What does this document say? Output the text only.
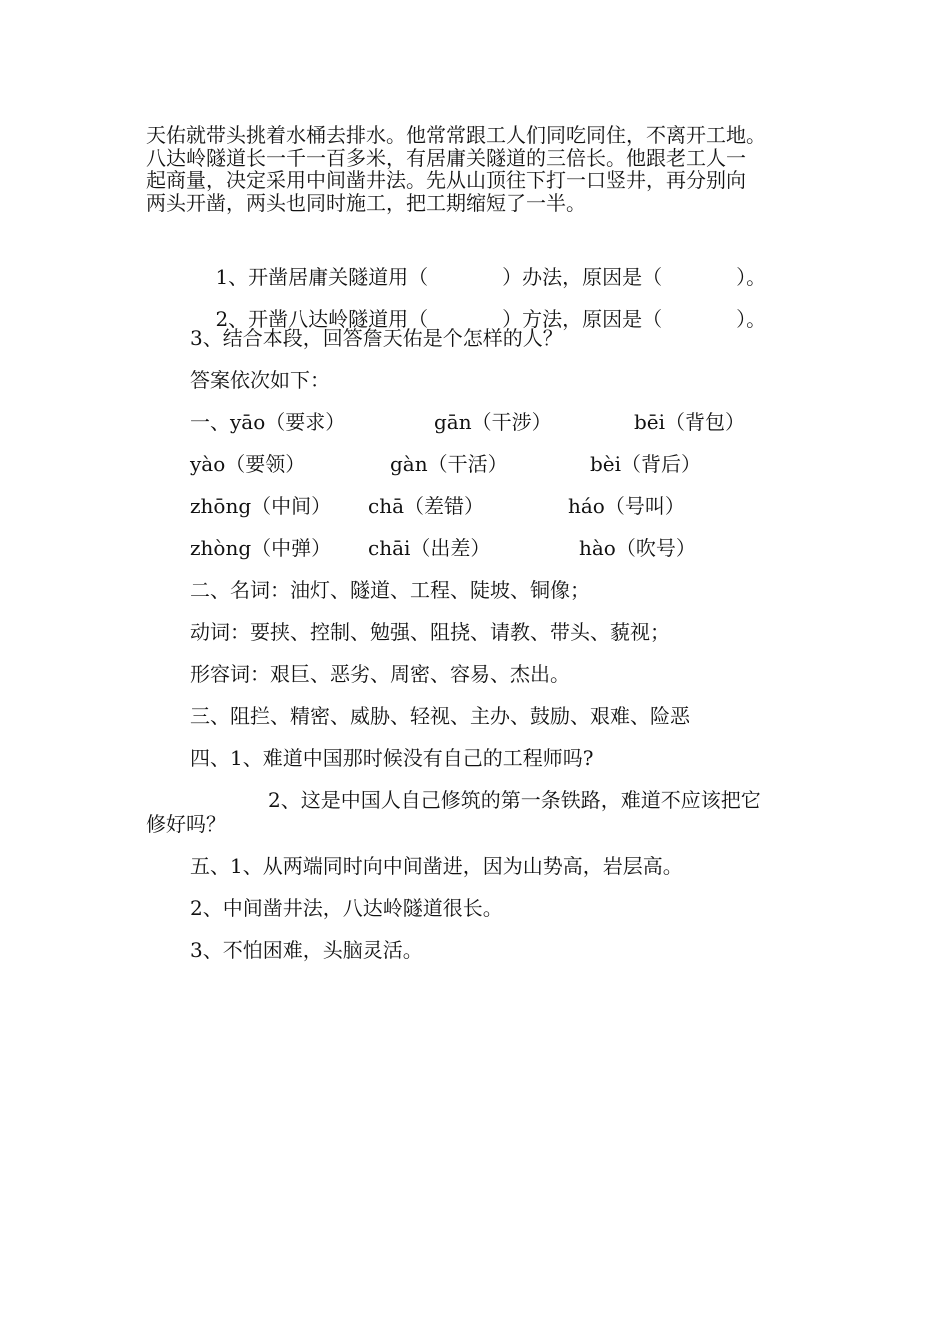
天佑就带头挑着水桶去排水。他常常跟工人们同吃同住，不离开工地。
八达岭隧道长一千一百多米，有居庸关隧道的三倍长。他跟老工人一
起商量，决定采用中间凿井法。先从山顶往下打一口竖井，再分别向
两头开凿，两头也同时施工，把工期缩短了一半。

1、开凿居庸关隧道用（	）办法，原因是（	）。

2、开凿八达岭隧道用（	）方法，原因是（	）。

3、结合本段，回答詹天佑是个怎样的人？
答案依次如下：
一、 yāo（要求）	gān（干涉）	bēi（背包）
yào（要领）	gàn（干活）	bèi（背后）
zhōng（中间） chā（差错）	háo（号叫）
zhòng（中弹） chāi（出差）	hào（吹号）
二、名词：油灯、隧道、工程、陡坡、铜像；
动词：要挟、控制、勉强、阻挠、请教、带头、藐视；
形容词：艰巨、恶劣、周密、容易、杰出。
三、阻拦、精密、威胁、轻视、主办、鼓励、艰难、险恶
四、1、难道中国那时候没有自己的工程师吗?
2、这是中国人自己修筑的第一条铁路，难道不应该把它
修好吗？
五、1、从两端同时向中间凿进，因为山势高，岩层高。
2、中间凿井法，八达岭隧道很长。
3、不怕困难，头脑灵活。
